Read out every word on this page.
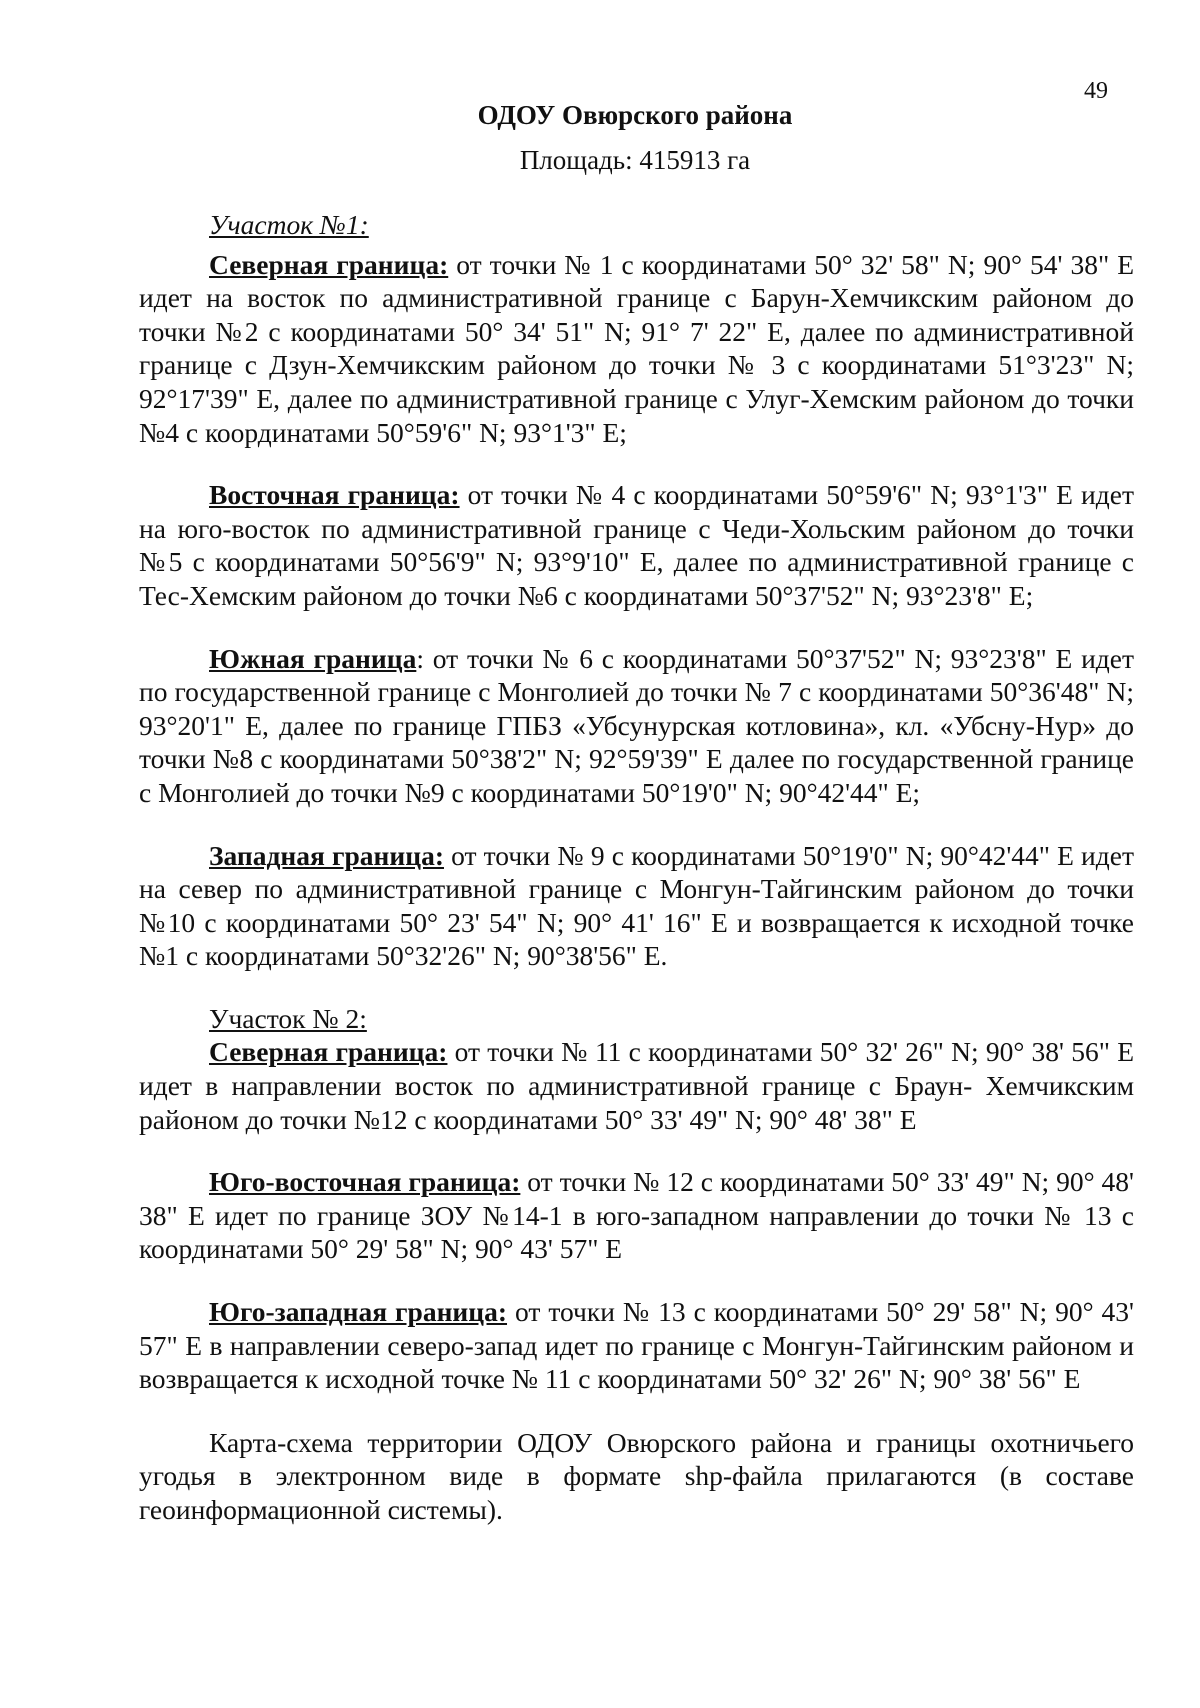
49
ОДОУ Овюрского района
Площадь: 415913 га

Участок №1:

Северная граница: от точки № 1 с координатами 50° 32' 58" N; 90° 54' 38" E идет на восток по административной границе с Барун-Хемчикским районом до точки №2 с координатами 50° 34' 51" N; 91° 7' 22" E, далее по административной границе с Дзун-Хемчикским районом до точки № 3 с координатами 51°3'23" N; 92°17'39" E, далее по административной границе с Улуг-Хемским районом до точки №4 с координатами 50°59'6" N; 93°1'3" E;

Восточная граница: от точки № 4 с координатами 50°59'6" N; 93°1'3" E идет на юго-восток по административной границе с Чеди-Хольским районом до точки №5 с координатами 50°56'9" N; 93°9'10" E, далее по административной границе с Тес-Хемским районом до точки №6 с координатами 50°37'52" N; 93°23'8" E;

Южная граница: от точки № 6 с координатами 50°37'52" N; 93°23'8" E идет по государственной границе с Монголией до точки № 7 с координатами 50°36'48" N; 93°20'1" E, далее по границе ГПБЗ «Убсунурская котловина», кл. «Убсну-Нур» до точки №8 с координатами 50°38'2" N; 92°59'39" E далее по государственной границе с Монголией до точки №9 с координатами 50°19'0" N; 90°42'44" E;

Западная граница: от точки № 9 с координатами 50°19'0" N; 90°42'44" E идет на север по административной границе с Монгун-Тайгинским районом до точки №10 с координатами 50° 23' 54" N; 90° 41' 16" E и возвращается к исходной точке №1 с координатами 50°32'26" N; 90°38'56" E.

Участок № 2:

Северная граница: от точки № 11 с координатами 50° 32' 26" N; 90° 38' 56" E идет в направлении восток по административной границе с Браун- Хемчикским районом до точки №12 с координатами 50° 33' 49" N; 90° 48' 38" E

Юго-восточная граница: от точки № 12 с координатами 50° 33' 49" N; 90° 48' 38" E идет по границе ЗОУ №14-1 в юго-западном направлении до точки № 13 с координатами 50° 29' 58" N; 90° 43' 57" E

Юго-западная граница: от точки № 13 с координатами 50° 29' 58" N; 90° 43' 57" E в направлении северо-запад идет по границе с Монгун-Тайгинским районом и возвращается к исходной точке № 11 с координатами 50° 32' 26" N; 90° 38' 56" E

Карта-схема территории ОДОУ Овюрского района и границы охотничьего угодья в электронном виде в формате shp-файла прилагаются (в составе геоинформационной системы).
